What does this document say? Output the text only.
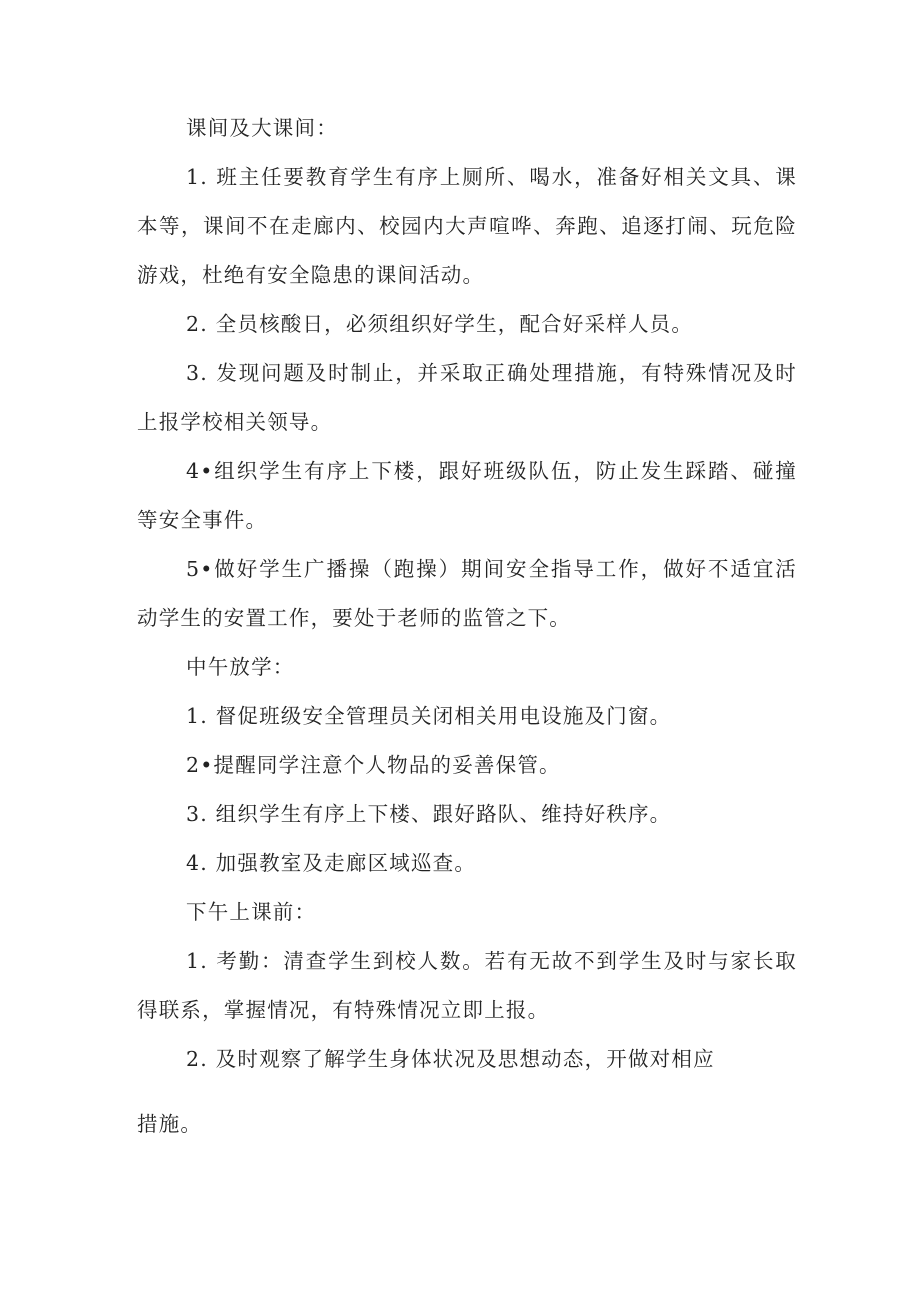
课间及大课间：

1. 班主任要教育学生有序上厕所、喝水，准备好相关文具、课本等，课间不在走廊内、校园内大声喧哗、奔跑、追逐打闹、玩危险游戏，杜绝有安全隐患的课间活动。

2. 全员核酸日，必须组织好学生，配合好采样人员。

3. 发现问题及时制止，并采取正确处理措施，有特殊情况及时上报学校相关领导。

4•组织学生有序上下楼，跟好班级队伍，防止发生踩踏、碰撞等安全事件。

5•做好学生广播操（跑操）期间安全指导工作，做好不适宜活动学生的安置工作，要处于老师的监管之下。

中午放学：

1. 督促班级安全管理员关闭相关用电设施及门窗。

2•提醒同学注意个人物品的妥善保管。

3. 组织学生有序上下楼、跟好路队、维持好秩序。

4. 加强教室及走廊区域巡查。

下午上课前：

1. 考勤：清查学生到校人数。若有无故不到学生及时与家长取得联系，掌握情况，有特殊情况立即上报。

2. 及时观察了解学生身体状况及思想动态，开做对相应

措施。
